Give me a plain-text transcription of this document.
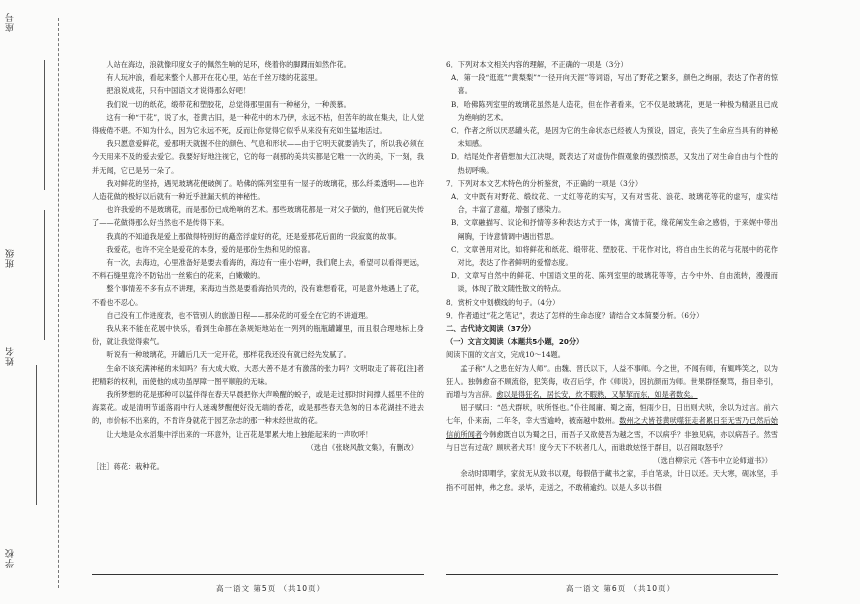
座号
班级
姓名
学校
人站在海边，浪就像印度女子的佩然生响的足环，绕着你的脚踝而如然作花。
有人玩冲浪，看起来整个人都开在花心里，站在千丝万缕的花蕊里。
把浪说成花，只有中国语文才说得那么好吧！
我们说一切的纸花，缎带花和塑胶花，总觉得那里面有一种秘分，一种羡慕。
这有一种“干花”，说了水，苍黄古旧，是一种花中的木乃伊，永远不枯，但苦年的故在集夫，让人觉得疲倦不堪。不知为什么，因为它永远不死，反而让你觉得它似乎从来没有充如生猛地活过。
我只愿意爱鲜花，爱那明天就握不住的颜色、气息和形状——由于它明天就要消失了，所以我必须在今天用来不及的爱去爱它。我要好好地注视它，它的每一刹那的美共实都是它唯一一次的美，下一刻，我并无闻，它已是另一朵了。
我对鲜花的坚持，遇见玻璃花便破例了。哈佛的陈列室里有一屋子的玻璃花，那么纤柔透明——也许人造花做的极好以后就有一种近乎泄漏天机的神秘性。
也许我爱的不是玻璃花，而是那份已成绝响的艺术。那些玻璃花都是一对父子做的，他们死后就失传了——花做得那么好当然也不是传得下来。
我真的不知道我是爱上那做得特别好的矗峦浮虚好的花，还是爱那花后面的一段寂寞的故事。
我爱花，也许不完全是爱花的本身，爱的是那份生热和见的惊喜。
有一次，去海边，心里准备好是要去看海的，海边有一座小岩岬，我们爬上去，希望可以看得更远，不料石缝里竟冷不防钻出一丝紫白的花来，白嫩嫩的。
整个事情差不多有点不讲理，来海边当然是要看海拾贝壳的，没有谁想看花，可是意外地遇上了花，不看也不忍心。
自己没有工作进度表，也不管别人的旅游日程——那朵花的可爱全在它的不讲道理。
我从来不能在花展中快乐，看到生命都在条规矩地站在一列列的瓶瓶罐罐里，而且很合理地标上身份，就让我觉得索气。
听说有一种玻璃花，开罐后几天一定开花，那样花我还没有就已经先发腻了。
生命不该充满神秘的未知吗？有大成大败、大恶大善不是才有激荡的张力吗？文明取走了蒋花[注]者把精彩的权利，而使他的成功虽厚障一图平顺般的无味。
我所梦想的花是那种可以猛伴得在春天早晨把你大声唤醒的蜕子，或是走过那时时间撑人摇里不住的海菜花。或是清明节遥落雨中行人迷魂梦醒便好没无端的香花，或是那些春天急匆的日本花湖挂不进去的，市价标不出来的，不肯许身就花于园艺杂志的那一种未经世故的花。
让大地是众水滔集中浮出来的一环意外，让百花是罪累大地上独能起来的一声吹呼！
（选自《张晓风散文集》，有删改）
［注］蒋花：栽种花。
6．下列对本文相关内容的理解，不正确的一项是（3分）
A．第一段“逛逛”“黄梨梨”“一径开向天涯”等词语，写出了野花之繁多，颜色之绚丽，表达了作者的惊喜。
B．哈佛陈列室里的玻璃花虽然是人造花，但在作者看来，它不仅是玻璃花，更是一种极为精湛且已成为绝响的艺术。
C．作者之所以厌恶罐头花，是因为它的生命状态已经被人为预设，固定，丧失了生命应当具有的神秘未知感。
D．结尾处作者借想加大江决堤，既表达了对虚伪作假观象的强烈愤恶，又发出了对生命自由与个性的热切呼唤。
7．下列对本文艺术特色的分析鉴赏，不正确的一项是（3分）
A．文中既有对野花、缎纹花、一丈红等花的实写，又有对雪花、浪花、玻璃花等花的虚写，虚实结合，丰富了意蕴，增强了感染力。
B．文章融描写、议论和抒情等多种表达方式于一体，寓情于花，缘花阐发生命之感悟，于来娓中带出阐胸，于诗意情调中遇出哲思。
C．文章善用对比，如将鲜花和纸花、缎带花、塑胶花、干花作对比，将自由生长的花与花展中的花作对比，表达了作者鲜明的爱憎态度。
D．文章写自然中的鲜花、中国语文里的花、陈列室里的玻璃花等等，古今中外、自由流转，漫漫而谈，体现了散文随性散文的特点。
8．赏析文中划横线的句子。（4分）
9．作者通过“花之笔记”，表达了怎样的生命态度？请结合文本简要分析。（6分）
二、古代诗文阅读（37分）
（一）文言文阅读（本题共5小题，20分）
阅读下面的文言文，完成10～14题。
孟子称“人之患在好为人师”。由魏、晋氏以下，人益不事师。今之世，不闻有师，有辄哗笑之，以为狂人。独韩愈奋不顾流俗，犯笑侮，收召后学，作《师说》，因抗颜而为师。世果群怪聚骂，指目牵引，而增与为言辞。愈以是得狂名，居长安，炊不暇熟，又挈挈而东，如是者数矣。
屈子赋曰：“邑犬群吠，吠所怪也。”仆往闻庸、蜀之南，恒雨少日，日出则犬吠，余以为过言。前六七年，仆来南，二年冬，幸大雪逾岭，被南越中数州。数州之犬皆苍黄吠噬狂走者累日至无雪乃已然后始信前所闻者今韩愈既自以为蜀之日，而吾子又欲使吾为越之雪，不以病乎？非独见病，亦以病吾子。然雪与日岂有过哉？顾吠者犬耳！度今天下不吠者几人，而谁敢炫怪于群目，以召闹取怒乎？
（选自柳宗元《答韦中立论师道书》）
余动时即喟学，家贫无从致书以观，每假借于藏书之家，手自笔录，计日以还。天大寒，砚冰坚，手指不可屈伸，弗之怠。录毕，走送之，不敢稍逾约。以是人多以书假
高一语文 第5页 （共10页）	高一语文 第6页 （共10页）
